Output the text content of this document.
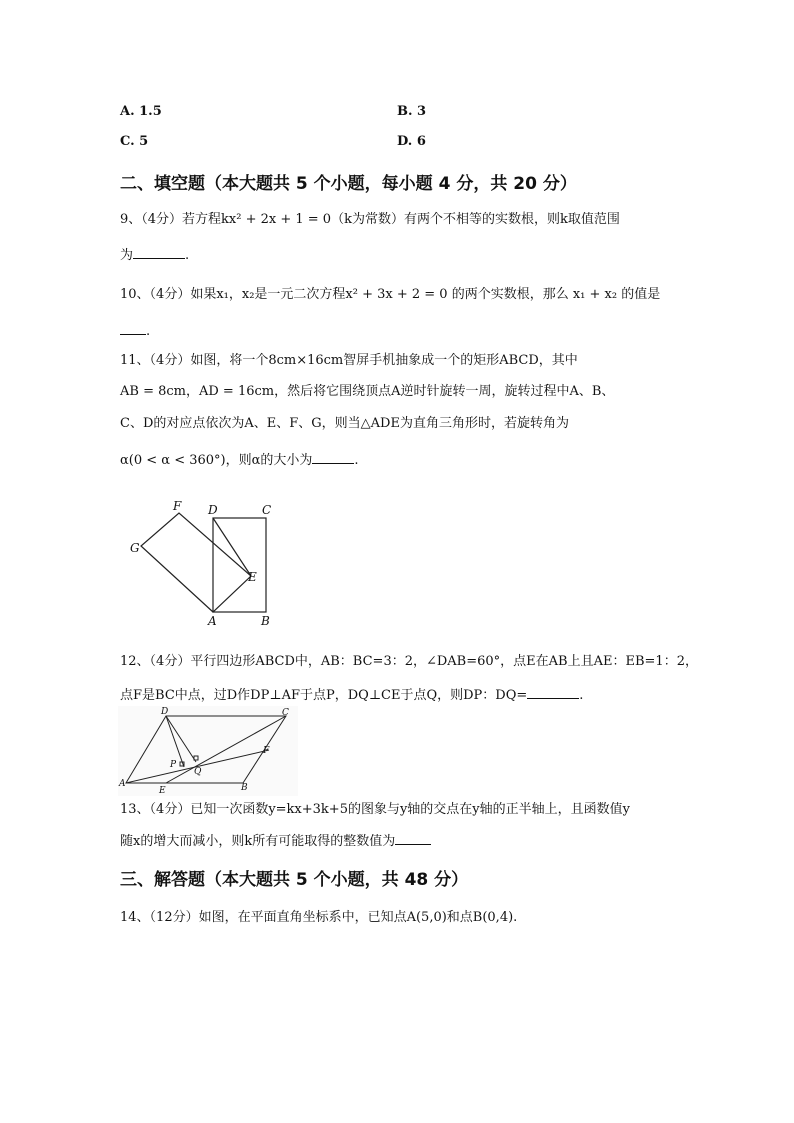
A. 1.5	B. 3
C. 5	D. 6
二、填空题（本大题共 5 个小题，每小题 4 分，共 20 分）
9、（4分）若方程kx² + 2x + 1 = 0（k为常数）有两个不相等的实数根，则k取值范围
为	.
10、（4分）如果x₁，x₂是一元二次方程x² + 3x + 2 = 0 的两个实数根，那么 x₁ + x₂ 的值是
.
11、（4分）如图，将一个8cm×16cm智屏手机抽象成一个的矩形ABCD，其中
AB = 8cm，AD = 16cm，然后将它围绕顶点A逆时针旋转一周，旋转过程中A、B、
C、D的对应点依次为A、E、F、G，则当△ADE为直角三角形时，若旋转角为
α(0 < α < 360°)，则α的大小为	.
F D	C
G
E
A	B
12、（4分）平行四边形ABCD中，AB：BC=3：2，∠DAB=60°，点E在AB上且AE：EB=1：2，
点F是BC中点，过D作DP⊥AF于点P，DQ⊥CE于点Q，则DP：DQ=	.
D	C
F
P
Q
A
E	B
13、（4分）已知一次函数y=kx+3k+5的图象与y轴的交点在y轴的正半轴上，且函数值y
随x的增大而减小，则k所有可能取得的整数值为
三、解答题（本大题共 5 个小题，共 48 分）
14、（12分）如图，在平面直角坐标系中，已知点A(5,0)和点B(0,4).
